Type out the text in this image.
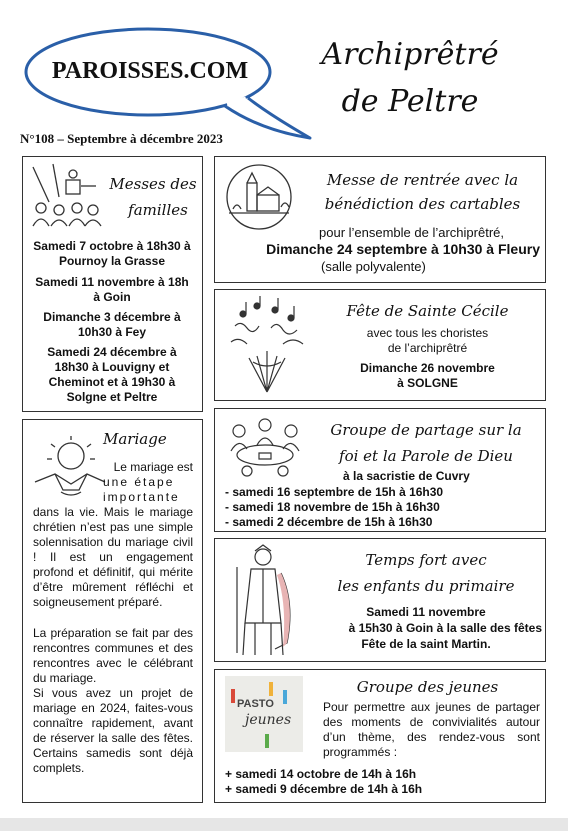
PAROISSES.COM	Archiprêtré
de Peltre
N°108 – Septembre à décembre 2023
Messes des
familles
Samedi 7 octobre à 18h30 à Pournoy la Grasse
Samedi 11 novembre à 18h à Goin
Dimanche 3 décembre à 10h30 à Fey
Samedi 24 décembre à 18h30 à Louvigny et Cheminot et à 19h30 à Solgne et Peltre
Mariage
Le mariage est
une étape
importante
dans la vie. Mais le mariage chrétien n’est pas une simple solennisation du mariage civil ! Il est un engagement profond et définitif, qui mérite d’être mûrement réfléchi et soigneusement préparé.
La préparation se fait par des rencontres communes et des rencontres avec le célébrant du mariage.
Si vous avez un projet de mariage en 2024, faites-vous connaître rapidement, avant de réserver la salle des fêtes. Certains samedis sont déjà complets.
Messe de rentrée avec la
bénédiction des cartables
pour l’ensemble de l’archiprêtré,
Dimanche 24 septembre à 10h30 à Fleury
(salle polyvalente)
Fête de Sainte Cécile
avec tous les choristes
de l’archiprêtré
Dimanche 26 novembre
à SOLGNE
Groupe de partage sur la
foi et la Parole de Dieu
à la sacristie de Cuvry
- samedi 16 septembre de 15h à 16h30
- samedi 18 novembre de 15h à 16h30
- samedi 2 décembre de 15h à 16h30
Temps fort avec
les enfants du primaire
Samedi 11 novembre
à 15h30 à Goin à la salle des fêtes
Fête de la saint Martin.
PASTO
jeunes
Groupe des jeunes
Pour permettre aux jeunes de partager des moments de convivialités autour d’un thème, des rendez-vous sont programmés :
+ samedi 14 octobre de 14h à 16h
+ samedi 9 décembre de 14h à 16h
